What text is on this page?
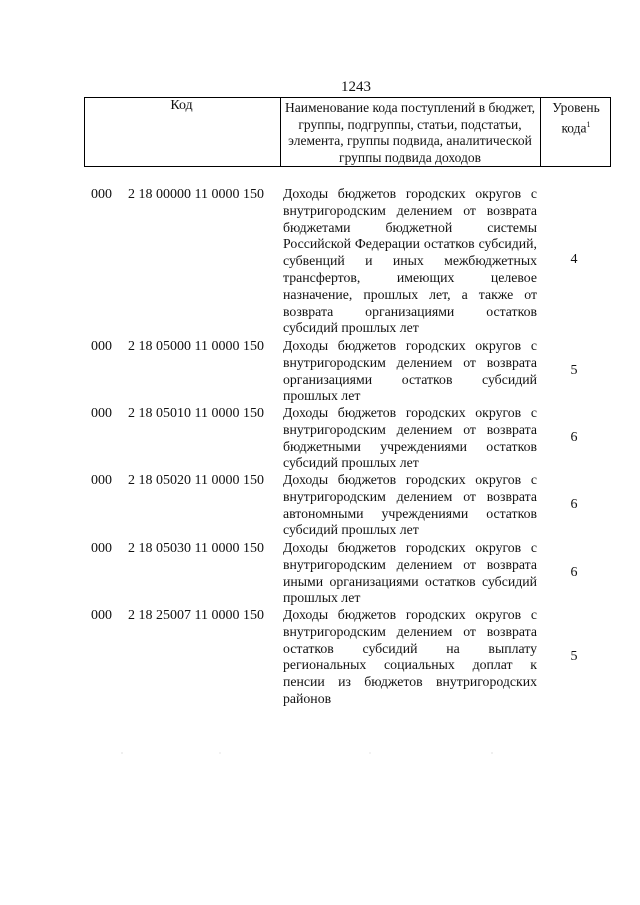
1243
Код	Наименование кода поступлений в бюджет, группы, подгруппы, статьи, подстатьи, элемента, группы подвида, аналитической группы подвида доходов
Уровень кода$^1$
000 2 18 00000 11 0000 150 Доходы бюджетов городских округов с внутригородским делением от возврата бюджетами бюджетной системы Российской Федерации остатков субсидий, субвенций и иных межбюджетных трансфертов, имеющих целевое назначение, прошлых лет, а также от возврата организациями остатков субсидий прошлых лет
4
000 2 18 05000 11 0000 150 Доходы бюджетов городских округов с внутригородским делением от возврата организациями остатков субсидий прошлых лет
5
000 2 18 05010 11 0000 150 Доходы бюджетов городских округов с внутригородским делением от возврата бюджетными учреждениями остатков субсидий прошлых лет
6
000 2 18 05020 11 0000 150 Доходы бюджетов городских округов с внутригородским делением от возврата автономными учреждениями остатков субсидий прошлых лет
6
000 2 18 05030 11 0000 150 Доходы бюджетов городских округов с внутригородским делением от возврата иными организациями остатков субсидий прошлых лет
6
000 2 18 25007 11 0000 150 Доходы бюджетов городских округов с внутригородским делением от возврата остатков субсидий на выплату региональных социальных доплат к пенсии из бюджетов внутригородских районов
5
